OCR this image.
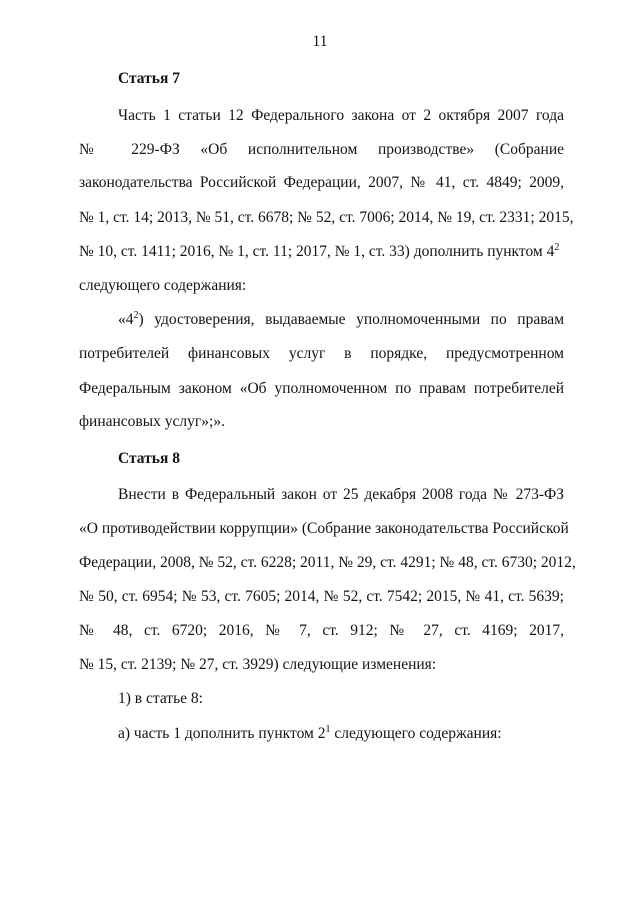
11
Статья 7
Часть 1 статьи 12 Федерального закона от 2 октября 2007 года
№ 229-ФЗ «Об исполнительном производстве» (Собрание
законодательства Российской Федерации, 2007, № 41, ст. 4849; 2009,
№ 1, ст. 14; 2013, № 51, ст. 6678; № 52, ст. 7006; 2014, № 19, ст. 2331; 2015,
№ 10, ст. 1411; 2016, № 1, ст. 11; 2017, № 1, ст. 33) дополнить пунктом $4^2$
следующего содержания:
«$4^2$) удостоверения, выдаваемые уполномоченными по правам
потребителей финансовых услуг в порядке, предусмотренном
Федеральным законом «Об уполномоченном по правам потребителей
финансовых услуг»;».
Статья 8
Внести в Федеральный закон от 25 декабря 2008 года № 273-ФЗ
«О противодействии коррупции» (Собрание законодательства Российской
Федерации, 2008, № 52, ст. 6228; 2011, № 29, ст. 4291; № 48, ст. 6730; 2012,
№ 50, ст. 6954; № 53, ст. 7605; 2014, № 52, ст. 7542; 2015, № 41, ст. 5639;
№ 48, ст. 6720; 2016, № 7, ст. 912; № 27, ст. 4169; 2017,
№ 15, ст. 2139; № 27, ст. 3929) следующие изменения:
1) в статье 8:
а) часть 1 дополнить пунктом $2^1$ следующего содержания:
